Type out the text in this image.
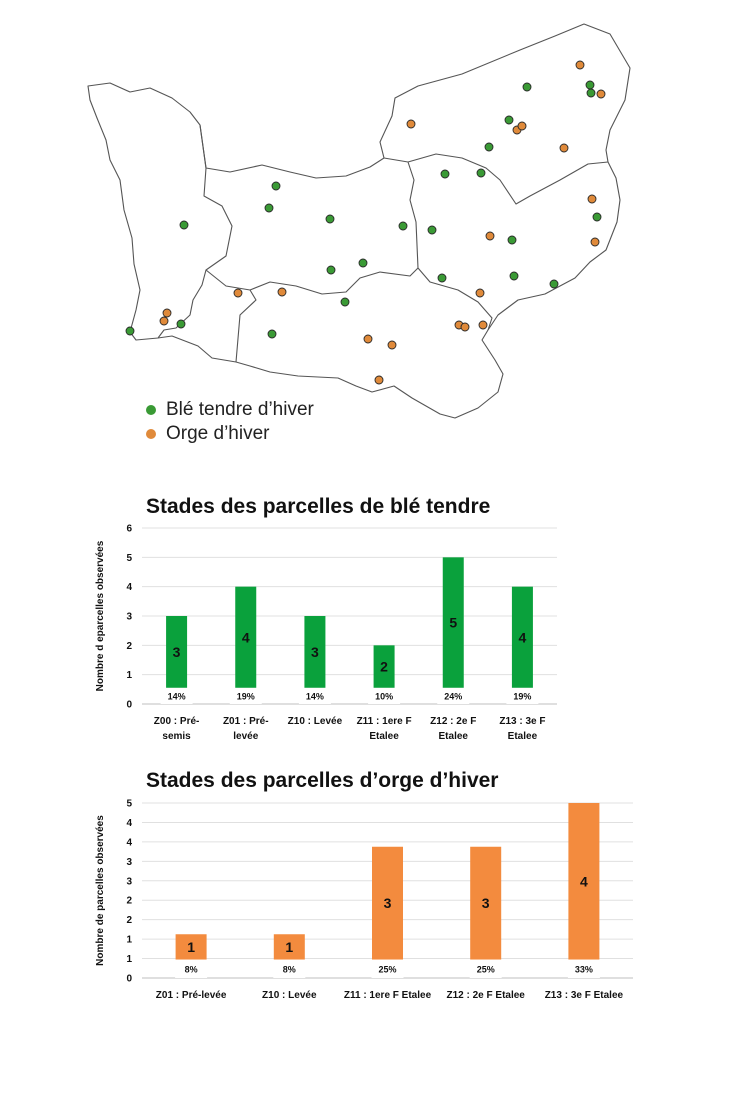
Blé tendre d’hiver
Orge d’hiver
Stades des parcelles de blé tendre
0
1
2
3
4
5
6
Nombre d eparcelles observées
14%
3
Z00 : Pré-
semis
19%
4
Z01 : Pré-
levée
14%
3
Z10 : Levée
10%
2
Z11 : 1ere F
Etalee
24%
5
Z12 : 2e F
Etalee
19%
4
Z13 : 3e F
Etalee
Stades des parcelles d’orge d’hiver
0
1
1
2
2
3
3
4
4
5
Nombre de parcelles observées
8%
1
Z01 : Pré-levée
8%
1
Z10 : Levée
25%
3
Z11 : 1ere F Etalee
25%
3
Z12 : 2e F Etalee
33%
4
Z13 : 3e F Etalee
